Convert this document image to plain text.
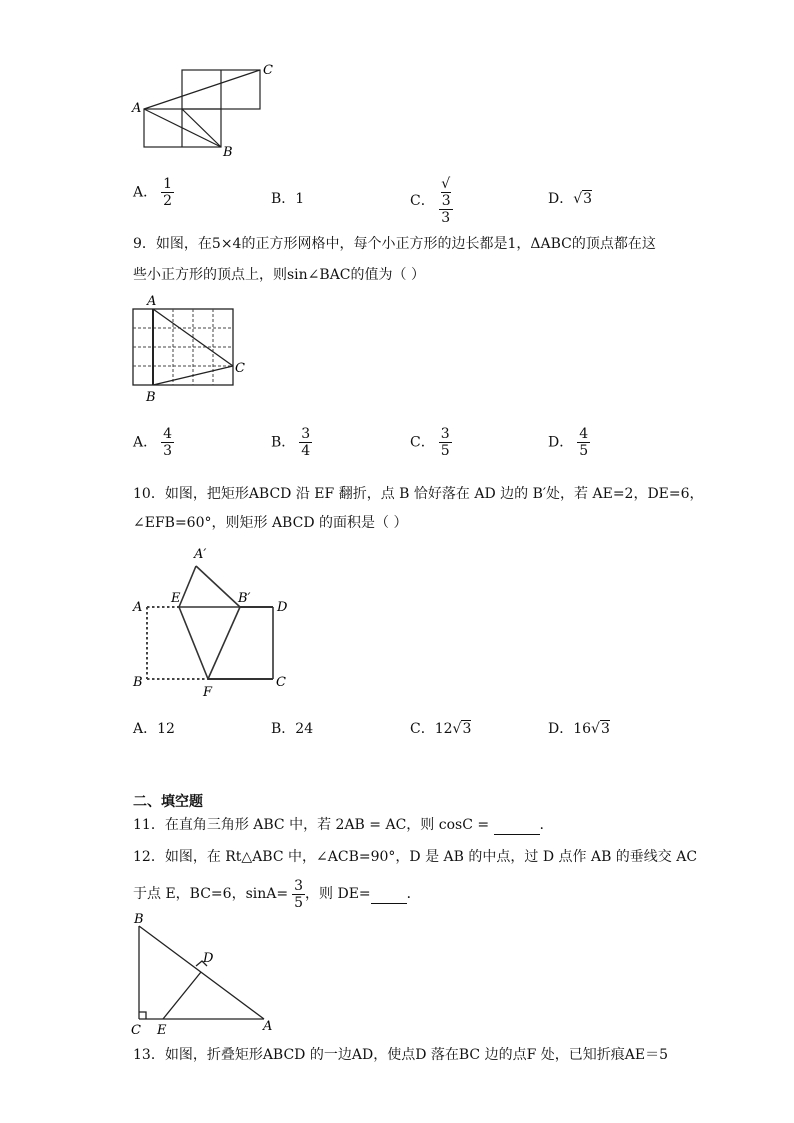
A
C
B
A． $\frac{1}{2}$	B．1	C． √
3
3	D．√3
9．如图，在5×4的正方形网格中，每个小正方形的边长都是1，ΔABC的顶点都在这
些小正方形的顶点上，则sin∠BAC的值为（ ）
A
C
B
A． $\frac{4}{3}$	B． $\frac{3}{4}$	C． $\frac{3}{5}$	D． $\frac{4}{5}$
10．如图，把矩形ABCD 沿 EF 翻折，点 B 恰好落在 AD 边的 B′处，若 AE=2，DE=6，
∠EFB=60°，则矩形 ABCD 的面积是（ ）
A′
A
E	B′
D
B
F
C
A．12	B．24	C．12√3	D．16√3
二、填空题
11．在直角三角形 ABC 中，若 2AB = AC，则 cosC =	.
12．如图，在 Rt△ABC 中，∠ACB=90°，D 是 AB 的中点，过 D 点作 AB 的垂线交 AC
于点 E，BC=6，$\sin A= \frac{3}{5}$ ，则 DE=	．
B
D
C E	A
13．如图，折叠矩形ABCD 的一边AD，使点D 落在BC 边的点F 处，已知折痕AE＝5
